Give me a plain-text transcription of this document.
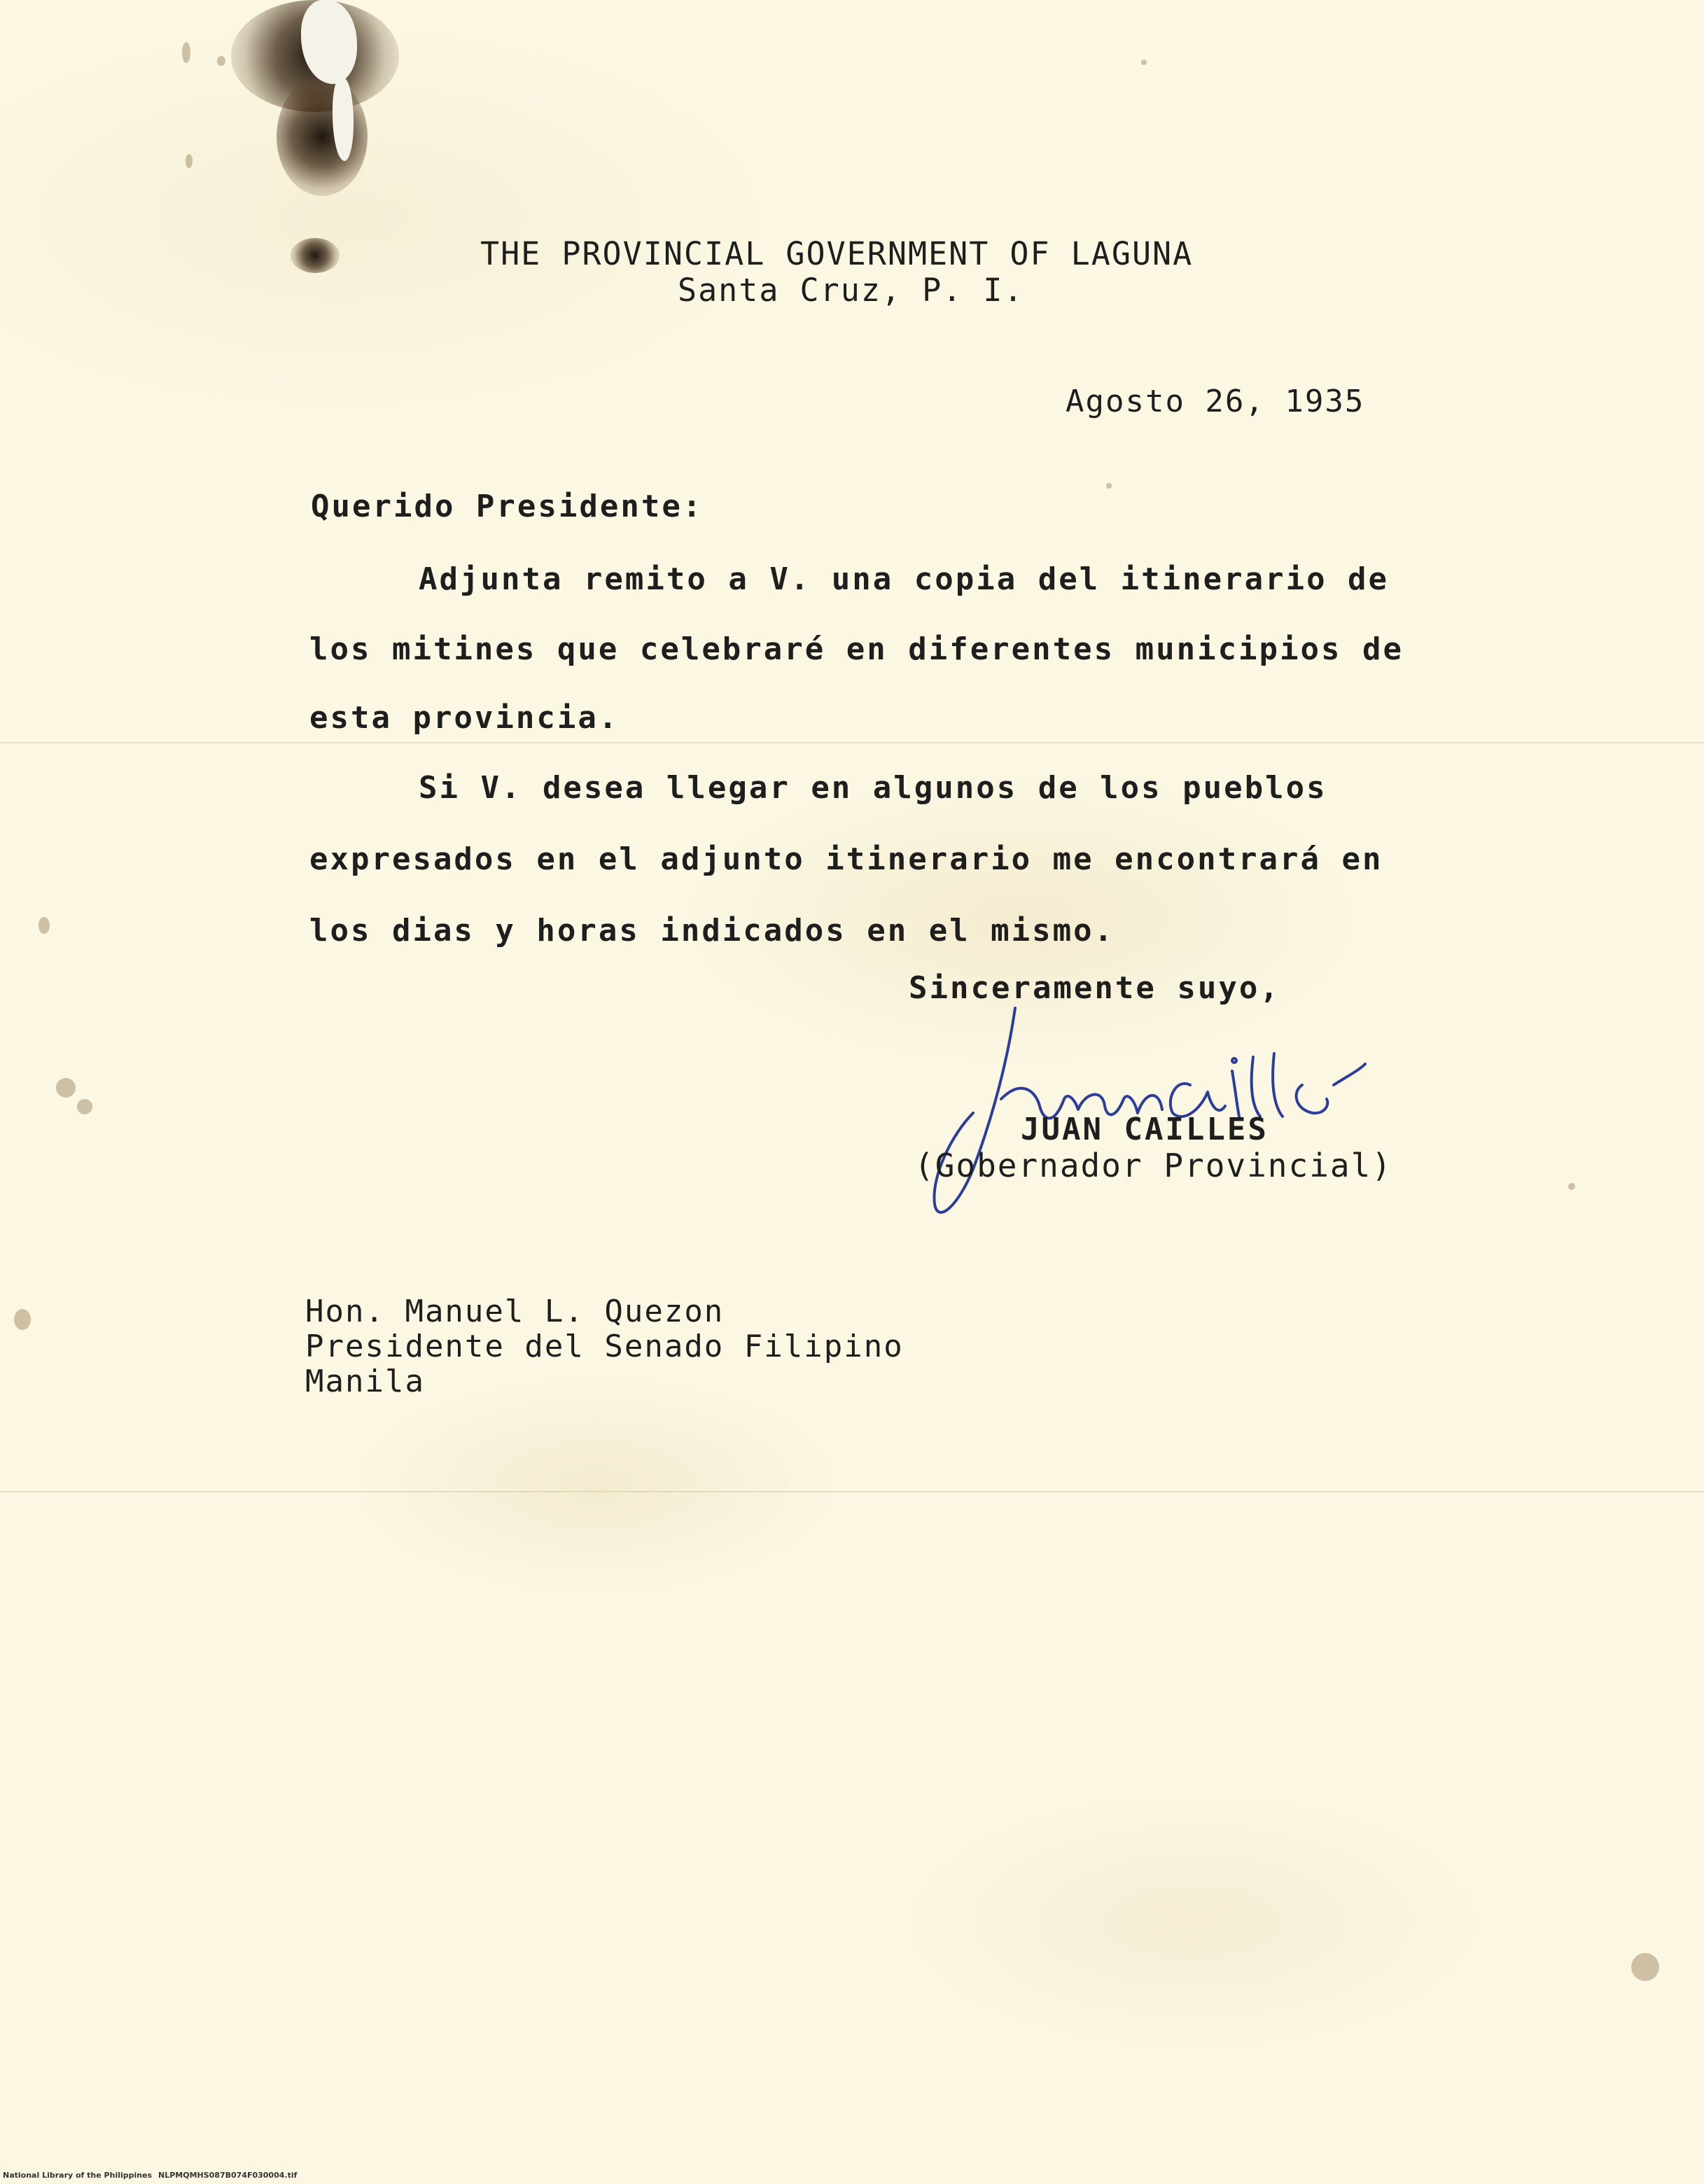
THE PROVINCIAL GOVERNMENT OF LAGUNA
Santa Cruz, P. I.
Agosto 26, 1935
Querido Presidente:
Adjunta remito a V. una copia del itinerario de
los mitines que celebraré en diferentes municipios de
esta provincia.
Si V. desea llegar en algunos de los pueblos
expresados en el adjunto itinerario me encontrará en
los dias y horas indicados en el mismo.
Sinceramente suyo,
JUAN CAILLES
(Gobernador Provincial)
Hon. Manuel L. Quezon
Presidente del Senado Filipino
Manila
National Library of the Philippines NLPMQMHS087B074F030004.tif
